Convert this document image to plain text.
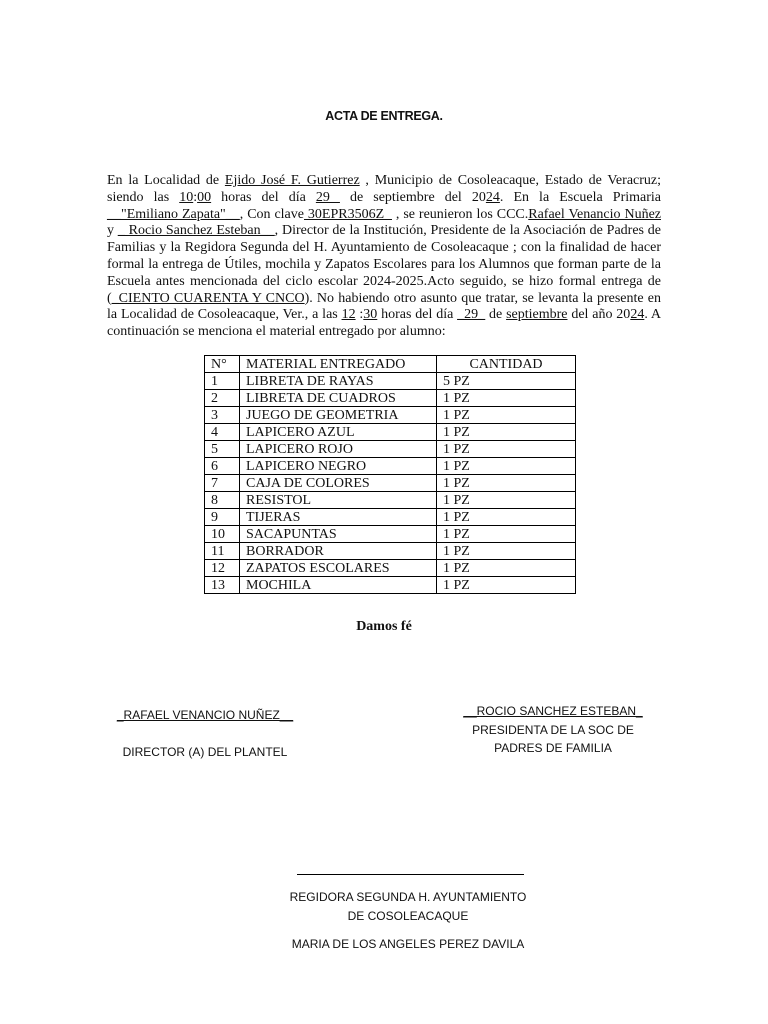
ACTA DE ENTREGA.

En la Localidad de Ejido José F. Gutierrez , Municipio de Cosoleacaque, Estado de Veracruz; siendo las 10:00 horas del día 29  de septiembre del 2024. En la Escuela Primaria __"Emiliano Zapata"__, Con clave 30EPR3506Z   , se reunieron los CCC.Rafael Venancio Nuñez y _ Rocio Sanchez Esteban__, Director de la Institución, Presidente de la Asociación de Padres de Familias y la Regidora Segunda del H. Ayuntamiento de Cosoleacaque ; con la finalidad de hacer formal la entrega de Útiles, mochila y Zapatos Escolares para los Alumnos que forman parte de la Escuela antes mencionada del ciclo escolar 2024-2025.Acto seguido, se hizo formal entrega de (_CIENTO CUARENTA Y CNCO). No habiendo otro asunto que tratar, se levanta la presente en la Localidad de Cosoleacaque, Ver., a las 12 :30 horas del día _29_ de septiembre del año 2024. A continuación se menciona el material entregado por alumno:

N°	MATERIAL ENTREGADO	CANTIDAD
1	LIBRETA DE RAYAS	5 PZ
2	LIBRETA DE CUADROS	1 PZ
3	JUEGO DE GEOMETRIA	1 PZ
4	LAPICERO AZUL	1 PZ
5	LAPICERO ROJO	1 PZ
6	LAPICERO NEGRO	1 PZ
7	CAJA DE COLORES	1 PZ
8	RESISTOL	1 PZ
9	TIJERAS	1 PZ
10	SACAPUNTAS	1 PZ
11	BORRADOR	1 PZ
12	ZAPATOS ESCOLARES	1 PZ
13	MOCHILA	1 PZ
Damos fé
_RAFAEL VENANCIO NUÑEZ__
DIRECTOR (A) DEL PLANTEL
__ROCIO SANCHEZ ESTEBAN_
PRESIDENTA DE LA SOC DE
PADRES DE FAMILIA
REGIDORA SEGUNDA H. AYUNTAMIENTO
DE COSOLEACAQUE
MARIA DE LOS ANGELES PEREZ DAVILA
